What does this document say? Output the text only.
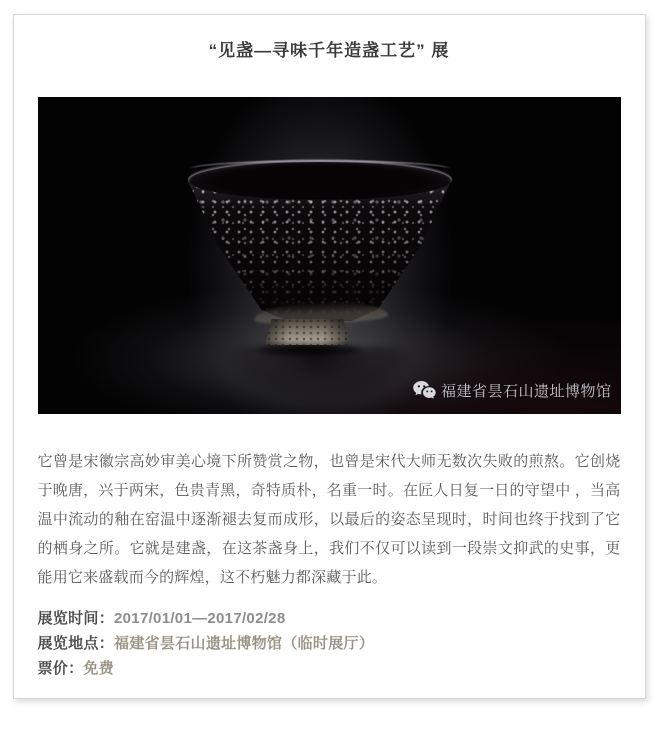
“见盏—寻味千年造盏工艺” 展
福建省昙石山遗址博物馆

它曾是宋徽宗高妙审美心境下所赞赏之物，也曾是宋代大师无数次失败的煎熬。它创烧于晚唐，兴于两宋，色贵青黑，奇特质朴，名重一时。在匠人日复一日的守望中 ，当高温中流动的釉在窑温中逐渐褪去复而成形，以最后的姿态呈现时，时间也终于找到了它的栖身之所。它就是建盏，在这茶盏身上，我们不仅可以读到一段崇文抑武的史事，更能用它来盛载而今的辉煌，这不朽魅力都深藏于此。

展览时间：2017/01/01—2017/02/28
展览地点：福建省昙石山遗址博物馆（临时展厅）
票价：免费
